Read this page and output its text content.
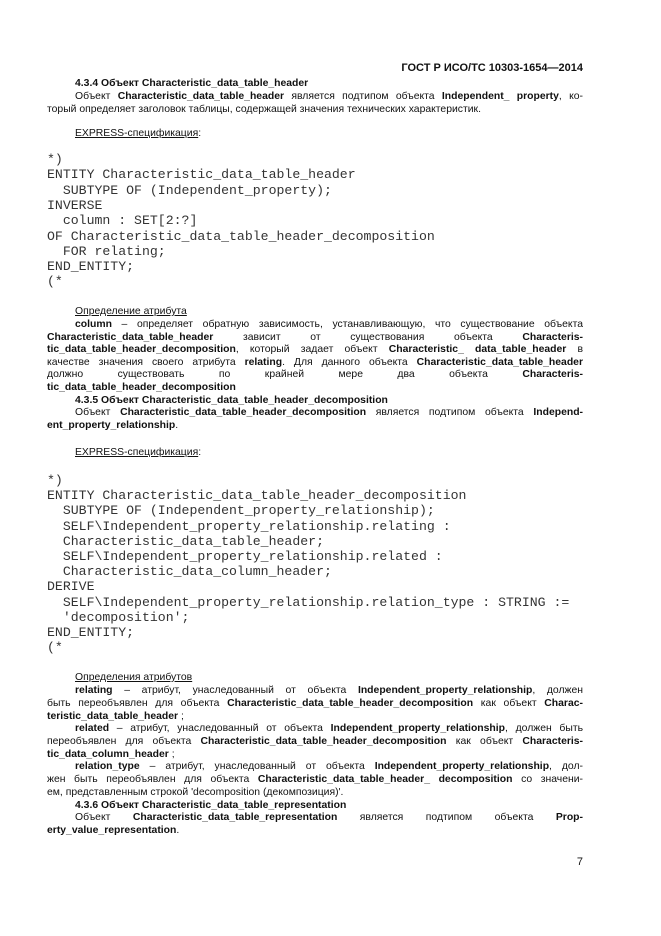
ГОСТ Р ИСО/ТС 10303-1654—2014
4.3.4 Объект Characteristic_data_table_header
Объект Characteristic_data_table_header является подтипом объекта Independent_ property, ко-
торый определяет заголовок таблицы, содержащей значения технических характеристик.
EXPRESS-спецификация:
Определение атрибута
column – определяет обратную зависимость, устанавливающую, что существование объекта
Characteristic_data_table_header зависит от существования объекта Characteris-
tic_data_table_header_decomposition, который задает объект Characteristic_ data_table_header в
качестве значения своего атрибута relating. Для данного объекта Characteristic_data_table_header
должно существовать по крайней мере два объекта Characteris-
tic_data_table_header_decomposition
4.3.5 Объект Characteristic_data_table_header_decomposition
Объект Characteristic_data_table_header_decomposition является подтипом объекта Independ-
ent_property_relationship.
EXPRESS-спецификация:
Определения атрибутов
relating – атрибут, унаследованный от объекта Independent_property_relationship, должен
быть переобъявлен для объекта Characteristic_data_table_header_decomposition как объект Charac-
teristic_data_table_header ;
related – атрибут, унаследованный от объекта Independent_property_relationship, должен быть
переобъявлен для объекта Characteristic_data_table_header_decomposition как объект Characteris-
tic_data_column_header ;
relation_type – атрибут, унаследованный от объекта Independent_property_relationship, дол-
жен быть переобъявлен для объекта Characteristic_data_table_header_ decomposition со значени-
ем, представленным строкой 'decomposition (декомпозиция)'.
4.3.6 Объект Characteristic_data_table_representation
Объект Characteristic_data_table_representation является подтипом объекта Prop-
erty_value_representation.
*)
ENTITY Characteristic_data_table_header
SUBTYPE OF (Independent_property);
INVERSE
column : SET[2:?]
OF Characteristic_data_table_header_decomposition
FOR relating;
END_ENTITY;
(*
*)
ENTITY Characteristic_data_table_header_decomposition
SUBTYPE OF (Independent_property_relationship);
SELF\Independent_property_relationship.relating :
Characteristic_data_table_header;
SELF\Independent_property_relationship.related :
Characteristic_data_column_header;
DERIVE
SELF\Independent_property_relationship.relation_type : STRING :=
'decomposition';
END_ENTITY;
(*
7
